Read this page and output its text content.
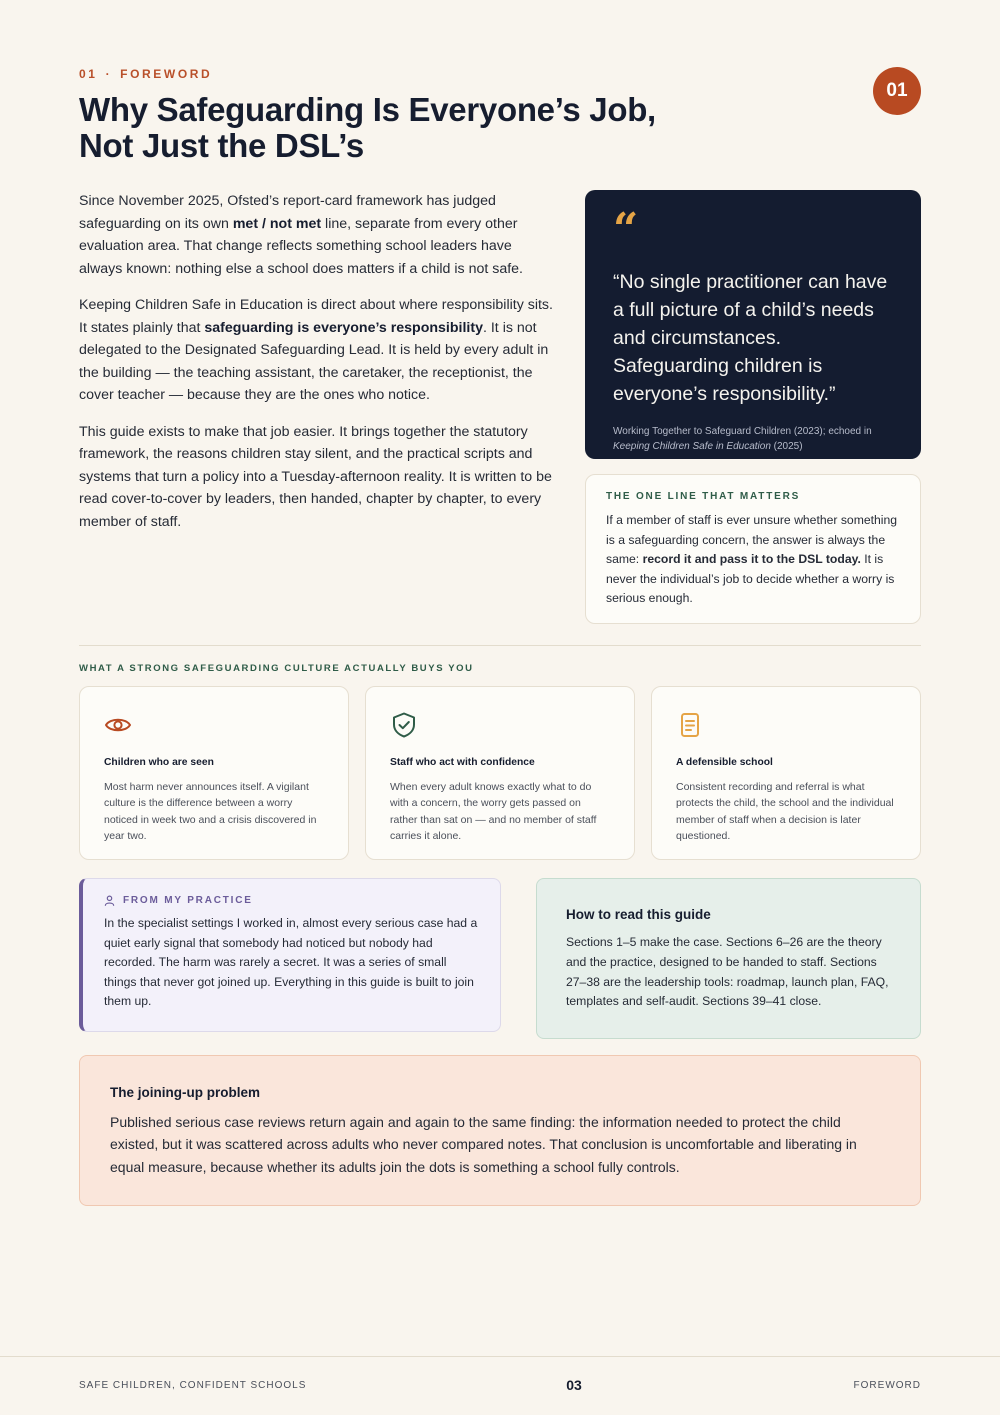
01 · FOREWORD
01
Why Safeguarding Is Everyone’s Job,
Not Just the DSL’s

Since November 2025, Ofsted’s report-card framework has judged safeguarding on its own met / not met line, separate from every other evaluation area. That change reflects something school leaders have always known: nothing else a school does matters if a child is not safe.

Keeping Children Safe in Education is direct about where responsibility sits. It states plainly that safeguarding is everyone’s responsibility. It is not delegated to the Designated Safeguarding Lead. It is held by every adult in the building — the teaching assistant, the caretaker, the receptionist, the cover teacher — because they are the ones who notice.

This guide exists to make that job easier. It brings together the statutory framework, the reasons children stay silent, and the practical scripts and systems that turn a policy into a Tuesday-afternoon reality. It is written to be read cover-to-cover by leaders, then handed, chapter by chapter, to every member of staff.

“
“No single practitioner can have a full picture of a child’s needs and circumstances. Safeguarding children is everyone’s responsibility.”
Working Together to Safeguard Children (2023); echoed in Keeping Children Safe in Education (2025)
THE ONE LINE THAT MATTERS
If a member of staff is ever unsure whether something is a safeguarding concern, the answer is always the same: record it and pass it to the DSL today. It is never the individual’s job to decide whether a worry is serious enough.
WHAT A STRONG SAFEGUARDING CULTURE ACTUALLY BUYS YOU
Children who are seen
Most harm never announces itself. A vigilant culture is the difference between a worry noticed in week two and a crisis discovered in year two.
Staff who act with confidence
When every adult knows exactly what to do with a concern, the worry gets passed on rather than sat on — and no member of staff carries it alone.
A defensible school
Consistent recording and referral is what protects the child, the school and the individual member of staff when a decision is later questioned.
FROM MY PRACTICE
In the specialist settings I worked in, almost every serious case had a quiet early signal that somebody had noticed but nobody had recorded. The harm was rarely a secret. It was a series of small things that never got joined up. Everything in this guide is built to join them up.
How to read this guide
Sections 1–5 make the case. Sections 6–26 are the theory and the practice, designed to be handed to staff. Sections 27–38 are the leadership tools: roadmap, launch plan, FAQ, templates and self-audit. Sections 39–41 close.
The joining-up problem
Published serious case reviews return again and again to the same finding: the information needed to protect the child existed, but it was scattered across adults who never compared notes. That conclusion is uncomfortable and liberating in equal measure, because whether its adults join the dots is something a school fully controls.
SAFE CHILDREN, CONFIDENT SCHOOLS	03	FOREWORD
